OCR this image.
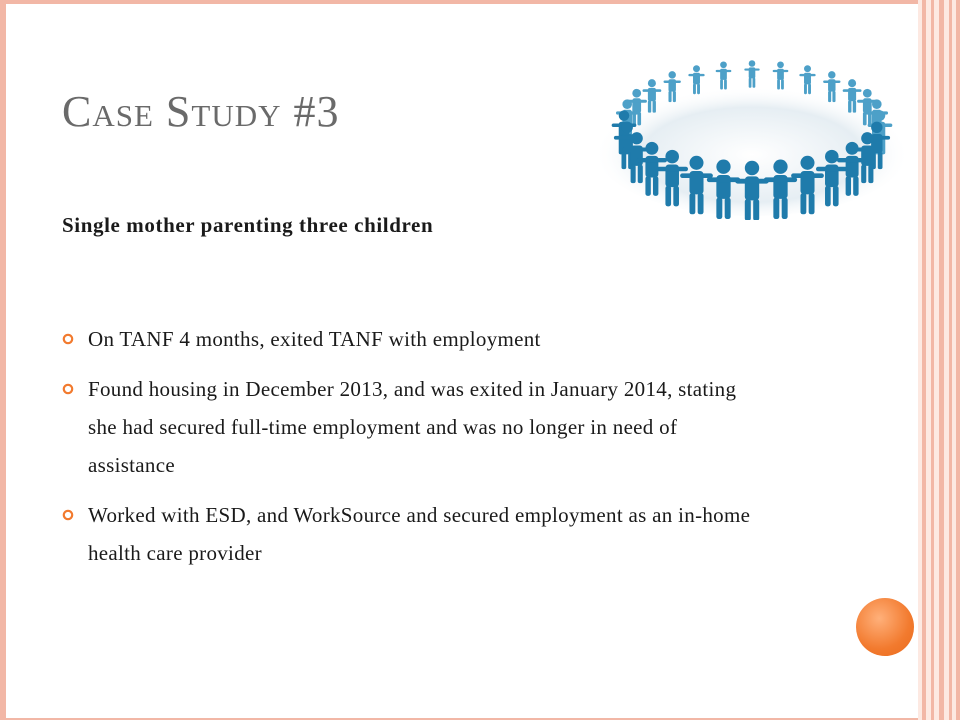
Case Study #3
Single mother parenting three children
On TANF 4 months, exited TANF with employment
Found housing in December 2013, and was exited in January 2014, stating she had secured full-time employment and was no longer in need of assistance
Worked with ESD, and WorkSource and secured employment as an in-home health care provider
